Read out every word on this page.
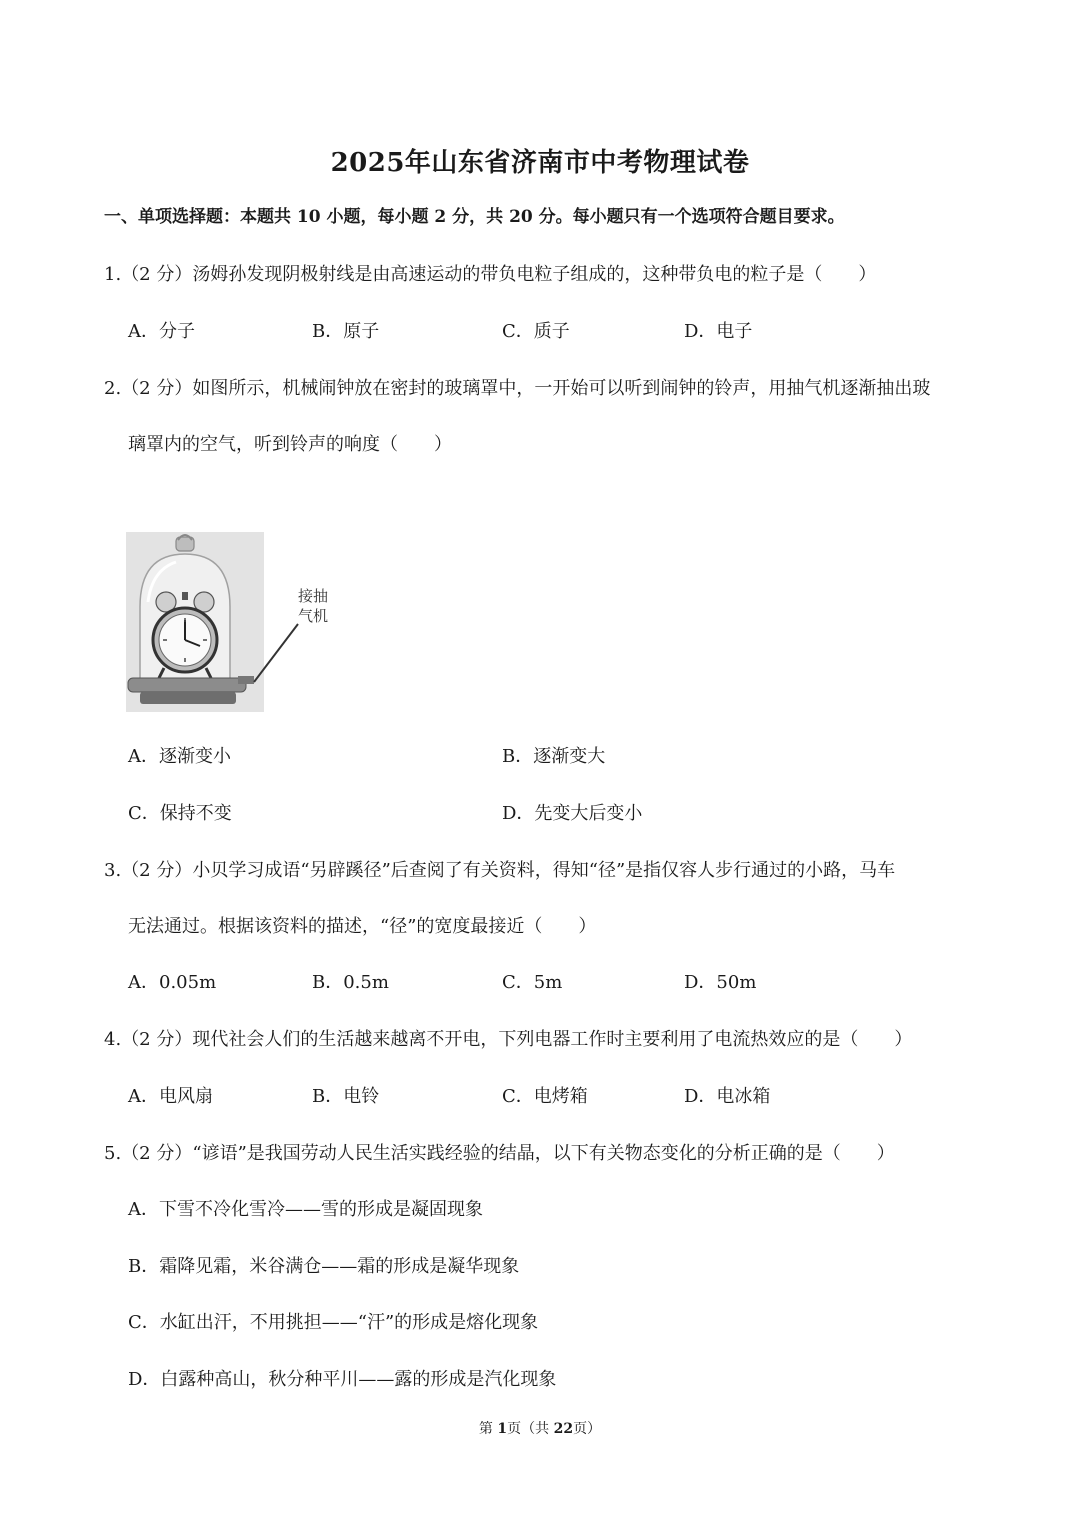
2025年山东省济南市中考物理试卷
一、单项选择题：本题共 10 小题，每小题 2 分，共 20 分。每小题只有一个选项符合题目要求。
1.（2 分）汤姆孙发现阴极射线是由高速运动的带负电粒子组成的，这种带负电的粒子是（　　）
A．分子	B．原子	C．质子	D．电子
2.（2 分）如图所示，机械闹钟放在密封的玻璃罩中，一开始可以听到闹钟的铃声，用抽气机逐渐抽出玻
璃罩内的空气，听到铃声的响度（　　）
接抽气机
A．逐渐变小	B．逐渐变大
C．保持不变	D．先变大后变小
3.（2 分）小贝学习成语“另辟蹊径”后查阅了有关资料，得知“径”是指仅容人步行通过的小路，马车
无法通过。根据该资料的描述，“径”的宽度最接近（　　）
A．0.05m	B．0.5m	C．5m	D．50m
4.（2 分）现代社会人们的生活越来越离不开电，下列电器工作时主要利用了电流热效应的是（　　）
A．电风扇	B．电铃	C．电烤箱	D．电冰箱
5.（2 分）“谚语”是我国劳动人民生活实践经验的结晶，以下有关物态变化的分析正确的是（　　）
A．下雪不冷化雪冷——雪的形成是凝固现象
B．霜降见霜，米谷满仓——霜的形成是凝华现象
C．水缸出汗，不用挑担——“汗”的形成是熔化现象
D．白露种高山，秋分种平川——露的形成是汽化现象
第 1页（共 22页）
